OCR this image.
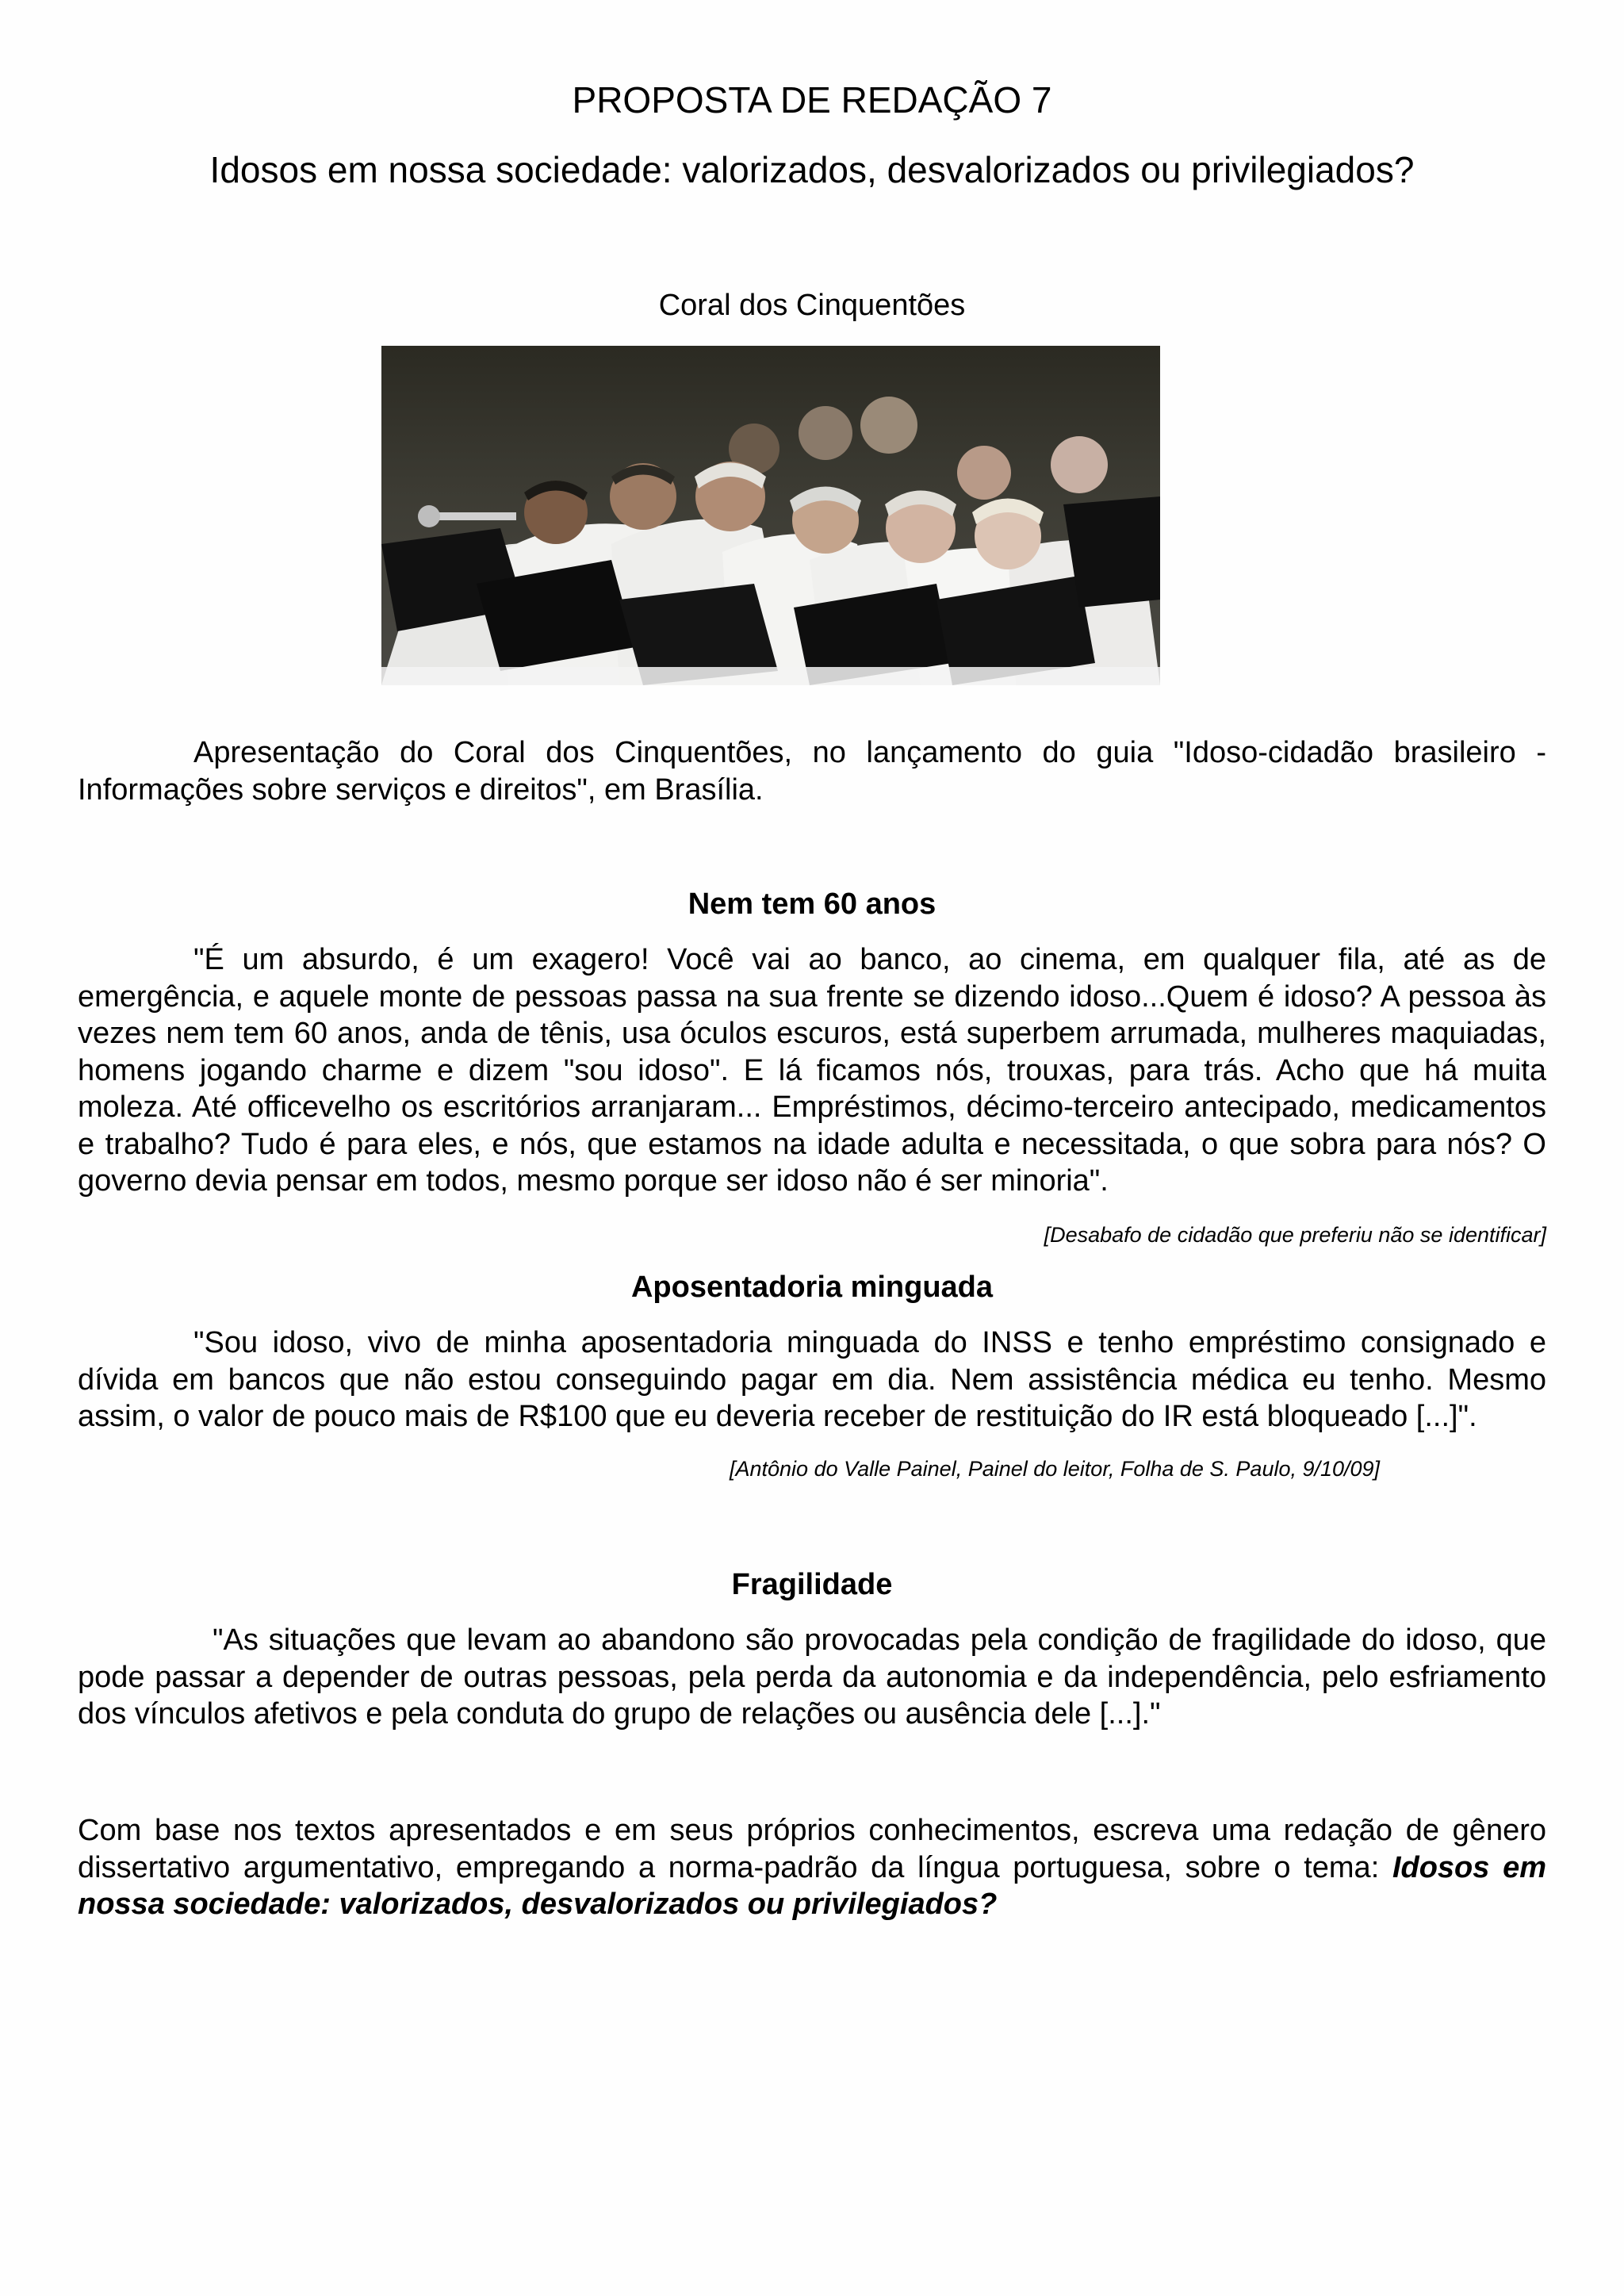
PROPOSTA DE REDAÇÃO 7
Idosos em nossa sociedade: valorizados, desvalorizados ou privilegiados?
Coral dos Cinquentões
Apresentação do Coral dos Cinquentões, no lançamento do guia "Idoso-cidadão brasileiro - Informações sobre serviços e direitos", em Brasília.
Nem tem 60 anos
"É um absurdo, é um exagero! Você vai ao banco, ao cinema, em qualquer fila, até as de emergência, e aquele monte de pessoas passa na sua frente se dizendo idoso...Quem é idoso? A pessoa às vezes nem tem 60 anos, anda de tênis, usa óculos escuros, está superbem arrumada, mulheres maquiadas, homens jogando charme e dizem "sou idoso". E lá ficamos nós, trouxas, para trás. Acho que há muita moleza. Até officevelho os escritórios arranjaram... Empréstimos, décimo-terceiro antecipado, medicamentos e trabalho? Tudo é para eles, e nós, que estamos na idade adulta e necessitada, o que sobra para nós? O governo devia pensar em todos, mesmo porque ser idoso não é ser minoria".
[Desabafo de cidadão que preferiu não se identificar]
Aposentadoria minguada
"Sou idoso, vivo de minha aposentadoria minguada do INSS e tenho empréstimo consignado e dívida em bancos que não estou conseguindo pagar em dia. Nem assistência médica eu tenho. Mesmo assim, o valor de pouco mais de R$100 que eu deveria receber de restituição do IR está bloqueado [...]".
[Antônio do Valle Painel, Painel do leitor, Folha de S. Paulo, 9/10/09]
Fragilidade
"As situações que levam ao abandono são provocadas pela condição de fragilidade do idoso, que pode passar a depender de outras pessoas, pela perda da autonomia e da independência, pelo esfriamento dos vínculos afetivos e pela conduta do grupo de relações ou ausência dele [...]."
Com base nos textos apresentados e em seus próprios conhecimentos, escreva uma redação de gênero dissertativo argumentativo, empregando a norma-padrão da língua portuguesa, sobre o tema: Idosos em nossa sociedade: valorizados, desvalorizados ou privilegiados?
